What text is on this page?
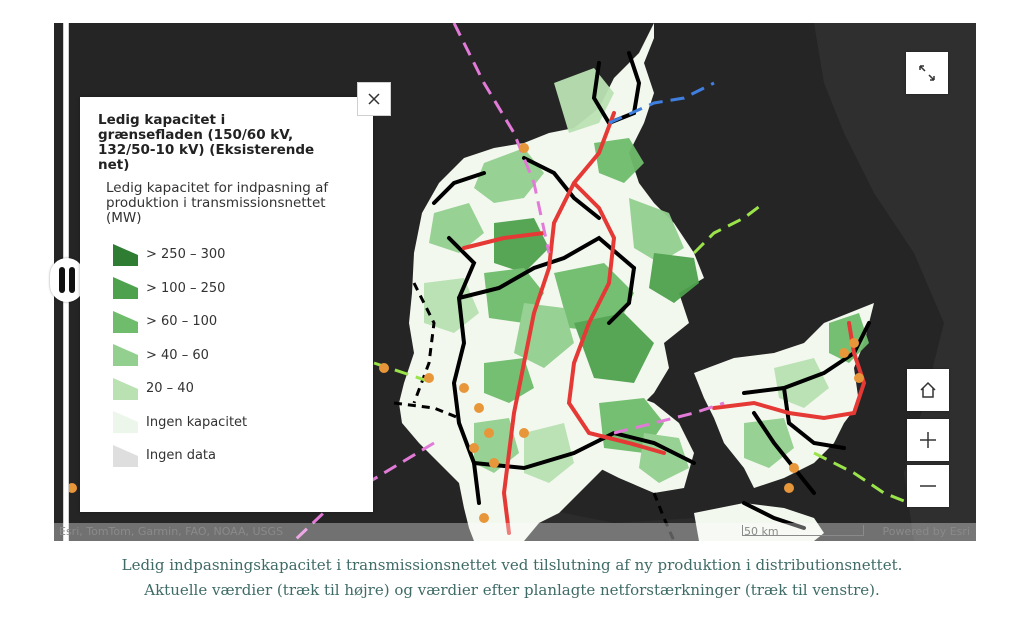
Ledig kapacitet i grænsefladen (150/60 kV, 132/50-10 kV) (Eksisterende net)
Ledig kapacitet for indpasning af produktion i transmissionsnettet (MW)
> 250 – 300
> 100 – 250
> 60 – 100
> 40 – 60
20 – 40
Ingen kapacitet
Ingen data
Esri, TomTom, Garmin, FAO, NOAA, USGS	50 km	Powered by Esri
Ledig indpasningskapacitet i transmissionsnettet ved tilslutning af ny produktion i distributionsnettet.
Aktuelle værdier (træk til højre) og værdier efter planlagte netforstærkninger (træk til venstre).
